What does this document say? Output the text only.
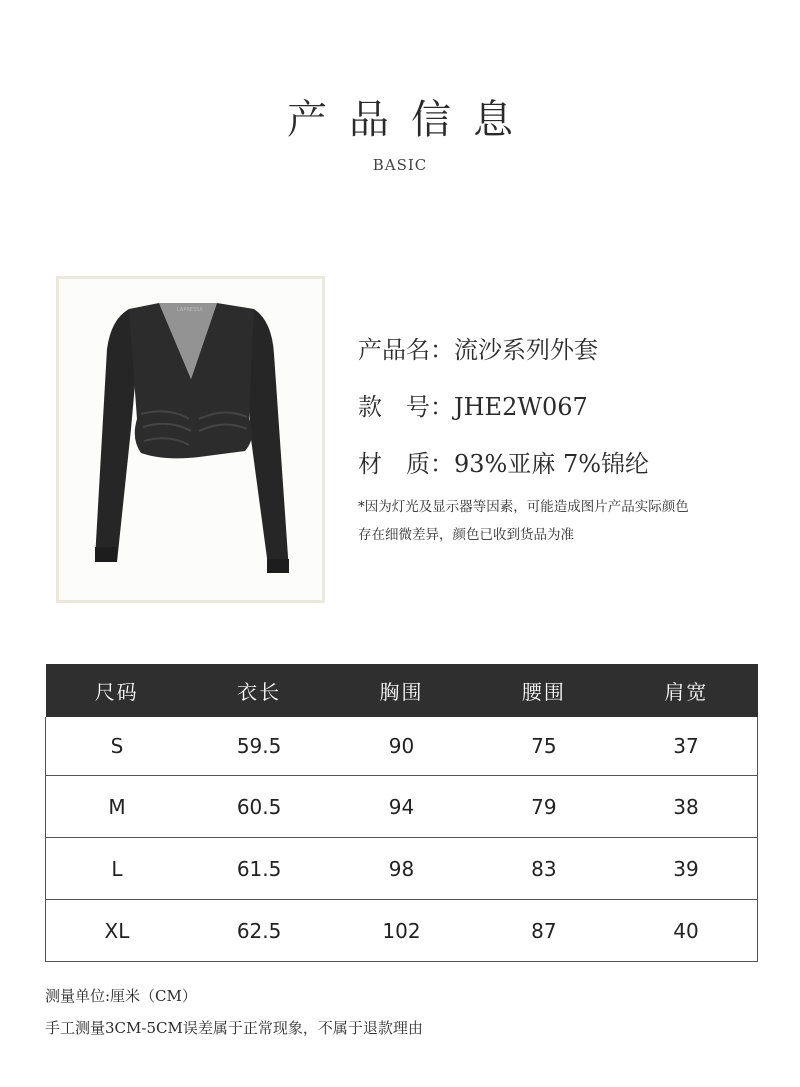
产品信息
BASIC
LAPRESSA
产品名：流沙系列外套
款　号：JHE2W067
材　质：93%亚麻 7%锦纶
*因为灯光及显示器等因素，可能造成图片产品实际颜色
存在细微差异，颜色已收到货品为准
尺码	衣长	胸围	腰围	肩宽
S	59.5	90	75	37
M	60.5	94	79	38
L	61.5	98	83	39
XL	62.5	102	87	40
测量单位:厘米（CM）
手工测量3CM-5CM误差属于正常现象，不属于退款理由
